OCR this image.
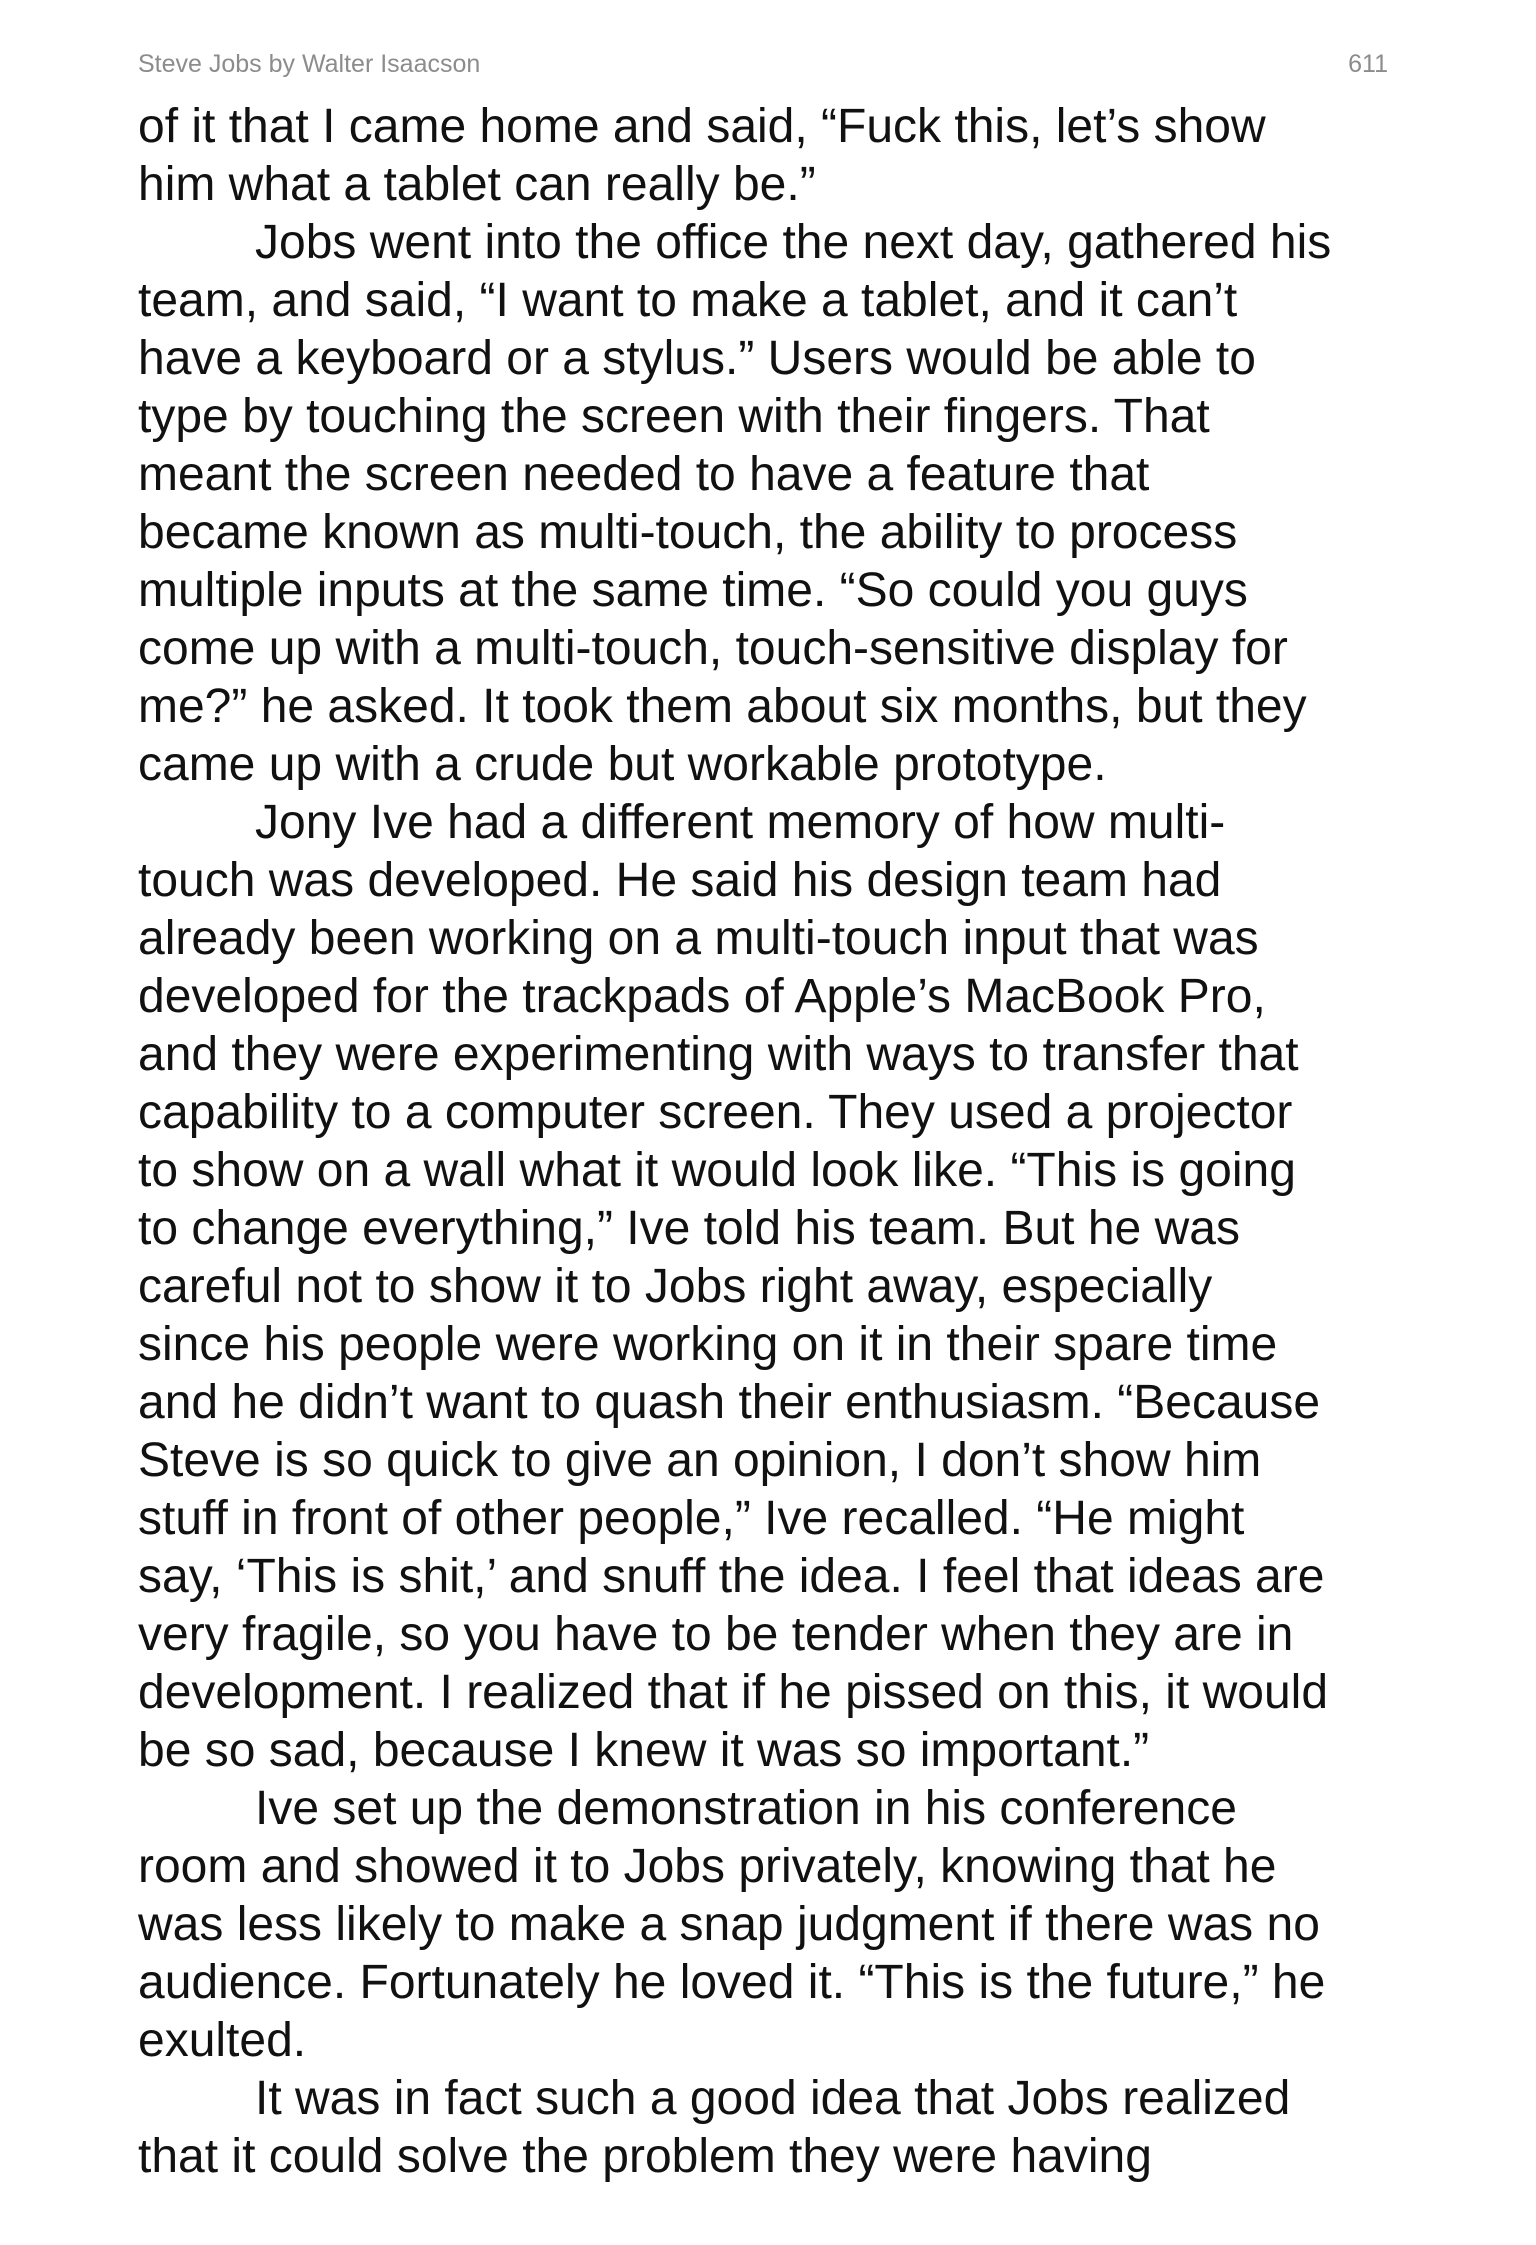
Steve Jobs by Walter Isaacson	611
of it that I came home and said, “Fuck this, let’s show
him what a tablet can really be.”
Jobs went into the office the next day, gathered his
team, and said, “I want to make a tablet, and it can’t
have a keyboard or a stylus.” Users would be able to
type by touching the screen with their fingers. That
meant the screen needed to have a feature that
became known as multi-touch, the ability to process
multiple inputs at the same time. “So could you guys
come up with a multi-touch, touch-sensitive display for
me?” he asked. It took them about six months, but they
came up with a crude but workable prototype.
Jony Ive had a different memory of how multi-
touch was developed. He said his design team had
already been working on a multi-touch input that was
developed for the trackpads of Apple’s MacBook Pro,
and they were experimenting with ways to transfer that
capability to a computer screen. They used a projector
to show on a wall what it would look like. “This is going
to change everything,” Ive told his team. But he was
careful not to show it to Jobs right away, especially
since his people were working on it in their spare time
and he didn’t want to quash their enthusiasm. “Because
Steve is so quick to give an opinion, I don’t show him
stuff in front of other people,” Ive recalled. “He might
say, ‘This is shit,’ and snuff the idea. I feel that ideas are
very fragile, so you have to be tender when they are in
development. I realized that if he pissed on this, it would
be so sad, because I knew it was so important.”
Ive set up the demonstration in his conference
room and showed it to Jobs privately, knowing that he
was less likely to make a snap judgment if there was no
audience. Fortunately he loved it. “This is the future,” he
exulted.
It was in fact such a good idea that Jobs realized
that it could solve the problem they were having
